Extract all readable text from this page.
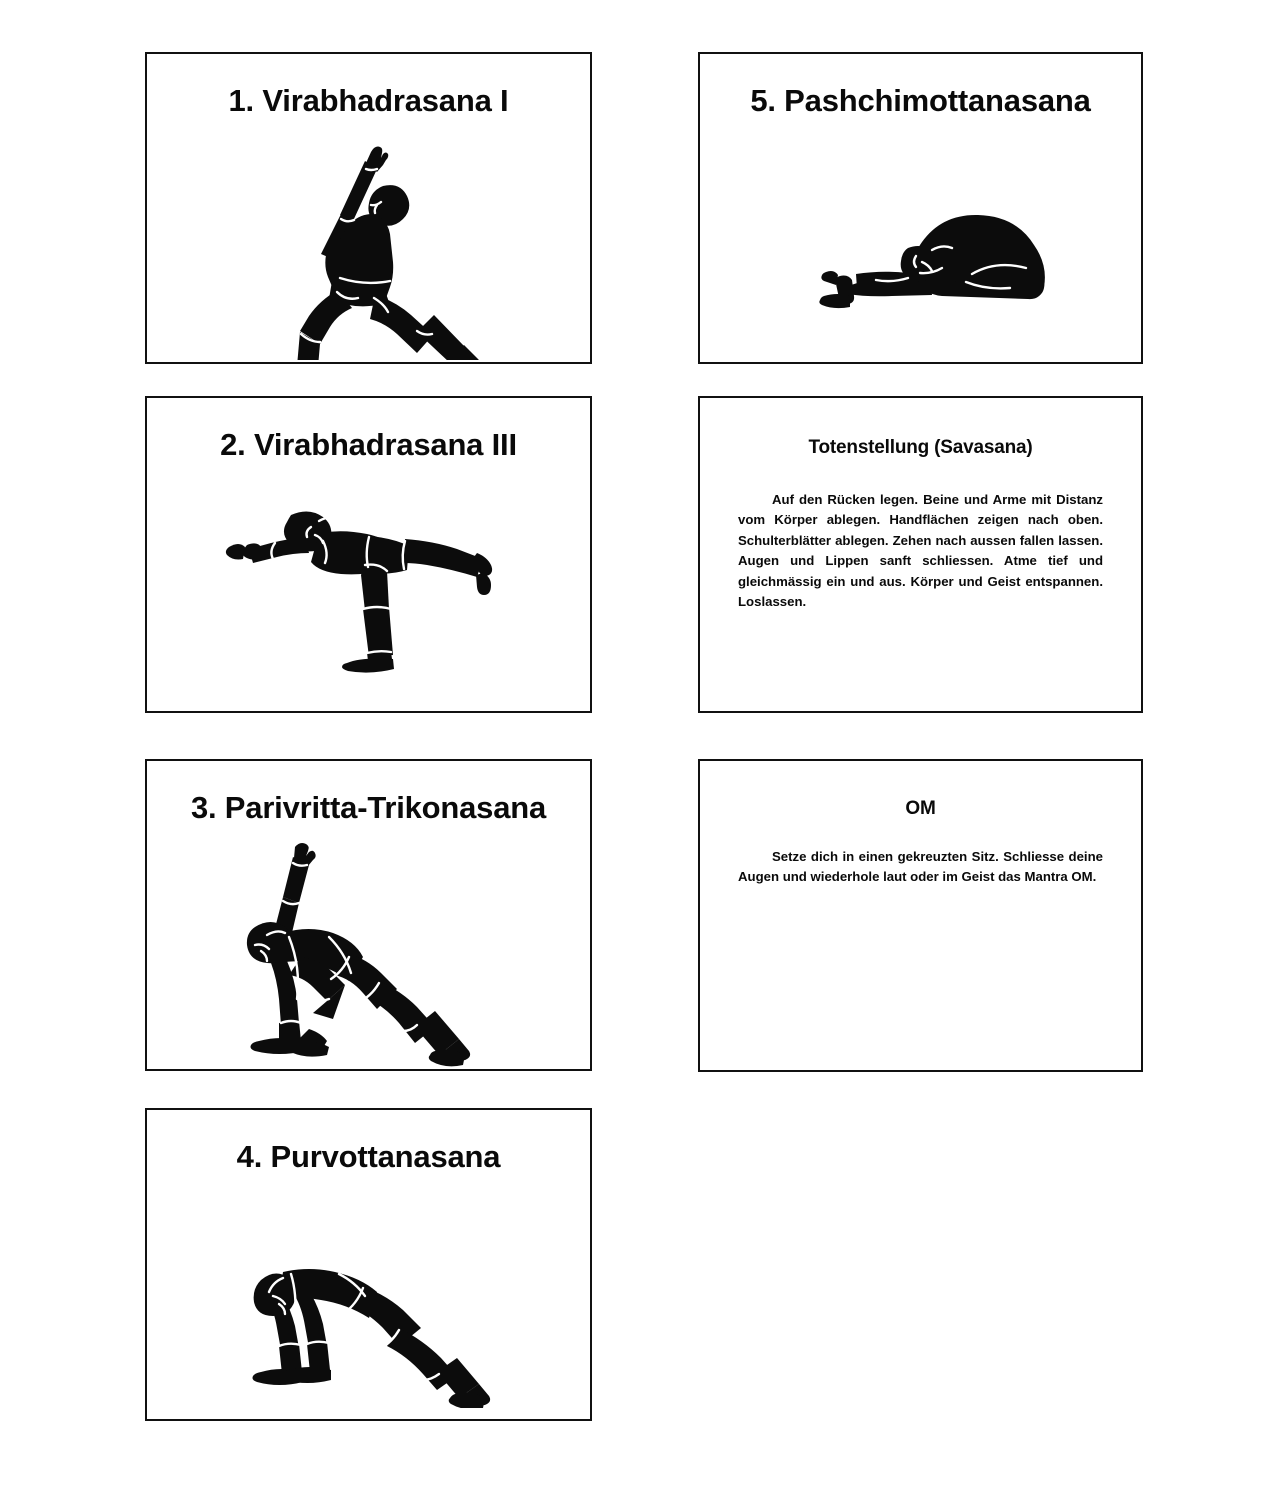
1. Virabhadrasana I	5. Pashchimottanasana
2. Virabhadrasana III	Totenstellung (Savasana)
Auf den Rücken legen. Beine und Arme mit Distanz vom Körper ablegen. Handflächen zeigen nach oben. Schulterblätter ablegen. Zehen nach aussen fallen lassen. Augen und Lippen sanft schliessen. Atme tief und gleichmässig ein und aus. Körper und Geist entspannen. Loslassen.
3. Parivritta-Trikonasana	OM
Setze dich in einen gekreuzten Sitz. Schliesse deine Augen und wiederhole laut oder im Geist das Mantra OM.
4. Purvottanasana
